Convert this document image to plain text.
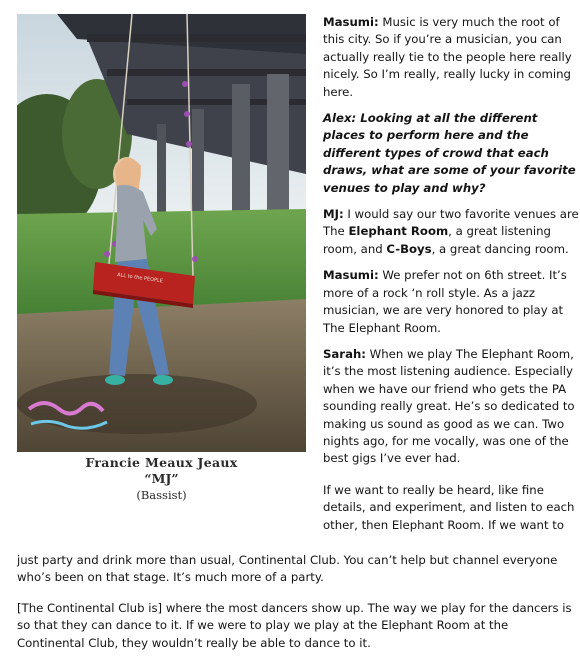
ALL to the PEOPLE
Francie Meaux Jeaux
“MJ”
(Bassist)

Masumi: Music is very much the root of this city. So if you’re a musician, you can actually really tie to the people here really nicely. So I’m really, really lucky in coming here.

Alex: Looking at all the different places to perform here and the different types of crowd that each draws, what are some of your favorite venues to play and why?

MJ: I would say our two favorite venues are The Elephant Room, a great listening room, and C-Boys, a great dancing room.

Masumi: We prefer not on 6th street. It’s more of a rock ‘n roll style. As a jazz musician, we are very honored to play at The Elephant Room.

Sarah: When we play The Elephant Room, it’s the most listening audience. Especially when we have our friend who gets the PA sounding really great. He’s so dedicated to making us sound as good as we can. Two nights ago, for me vocally, was one of the best gigs I’ve ever had.

If we want to really be heard, like fine details, and experiment, and listen to each other, then Elephant Room. If we want to

just party and drink more than usual, Continental Club. You can’t help but channel everyone who’s been on that stage. It’s much more of a party.
[The Continental Club is] where the most dancers show up. The way we play for the dancers is so that they can dance to it. If we were to play we play at the Elephant Room at the Continental Club, they wouldn’t really be able to dance to it.
